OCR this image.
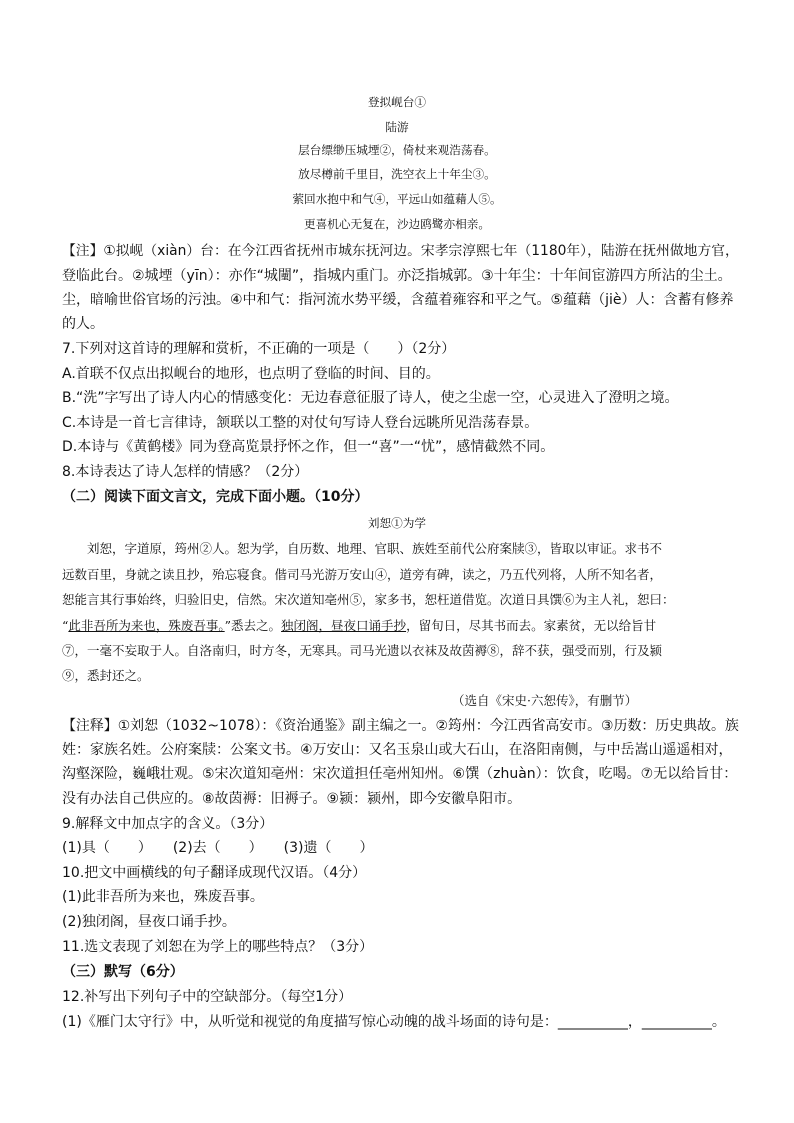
登拟岘台①
陆游
层台缥缈压城堙②，倚杖来观浩荡春。
放尽樽前千里目，洗空衣上十年尘③。
萦回水抱中和气④，平远山如蕴藉人⑤。
更喜机心无复在，沙边鸥鹭亦相亲。
【注】①拟岘（xiàn）台：在今江西省抚州市城东抚河边。宋孝宗淳熙七年（1180年），陆游在抚州做地方官，
登临此台。②城堙（yīn）：亦作“城闉”，指城内重门。亦泛指城郭。③十年尘：十年间宦游四方所沾的尘土。
尘，暗喻世俗官场的污浊。④中和气：指河流水势平缓，含蕴着雍容和平之气。⑤蕴藉（jiè）人：含蓄有修养
的人。
7.下列对这首诗的理解和赏析，不正确的一项是（　　）（2分）
A.首联不仅点出拟岘台的地形，也点明了登临的时间、目的。
B.“洗”字写出了诗人内心的情感变化：无边春意征服了诗人，使之尘虑一空，心灵进入了澄明之境。
C.本诗是一首七言律诗，颔联以工整的对仗句写诗人登台远眺所见浩荡春景。
D.本诗与《黄鹤楼》同为登高览景抒怀之作，但一“喜”一“忧”，感情截然不同。
8.本诗表达了诗人怎样的情感？（2分）
（二）阅读下面文言文，完成下面小题。（10分）
刘恕①为学
　　刘恕，字道原，筠州②人。恕为学，自历数、地理、官职、族姓至前代公府案牍③，皆取以审证。求书不
远数百里，身就之读且抄，殆忘寝食。偕司马光游万安山④，道旁有碑，读之，乃五代列将，人所不知名者，
恕能言其行事始终，归验旧史，信然。宋次道知亳州⑤，家多书，恕枉道借览。次道日具馔⑥为主人礼，恕曰：
“此非吾所为来也，殊废吾事。”悉去之。独闭阁，昼夜口诵手抄，留旬日，尽其书而去。家素贫，无以给旨甘
⑦，一毫不妄取于人。自洛南归，时方冬，无寒具。司马光遗以衣袜及故茵褥⑧，辞不获，强受而别，行及颍
⑨，悉封还之。
（选自《宋史·六恕传》，有删节）
【注释】①刘恕（1032~1078）：《资治通鉴》副主编之一。②筠州：今江西省高安市。③历数：历史典故。族
姓：家族名姓。公府案牍：公案文书。④万安山：又名玉泉山或大石山，在洛阳南侧，与中岳嵩山遥遥相对，
沟壑深险，巍峨壮观。⑤宋次道知亳州：宋次道担任亳州知州。⑥馔（zhuàn）：饮食，吃喝。⑦无以给旨甘：
没有办法自己供应的。⑧故茵褥：旧褥子。⑨颍：颍州，即今安徽阜阳市。
9.解释文中加点字的含义。（3分）
(1)具（　　）　　(2)去（　　）　　(3)遗（　　）
10.把文中画横线的句子翻译成现代汉语。（4分）
(1)此非吾所为来也，殊废吾事。
(2)独闭阁，昼夜口诵手抄。
11.选文表现了刘恕在为学上的哪些特点？（3分）
（三）默写（6分）
12.补写出下列句子中的空缺部分。（每空1分）
(1)《雁门太守行》中，从听觉和视觉的角度描写惊心动魄的战斗场面的诗句是：__________，__________。
